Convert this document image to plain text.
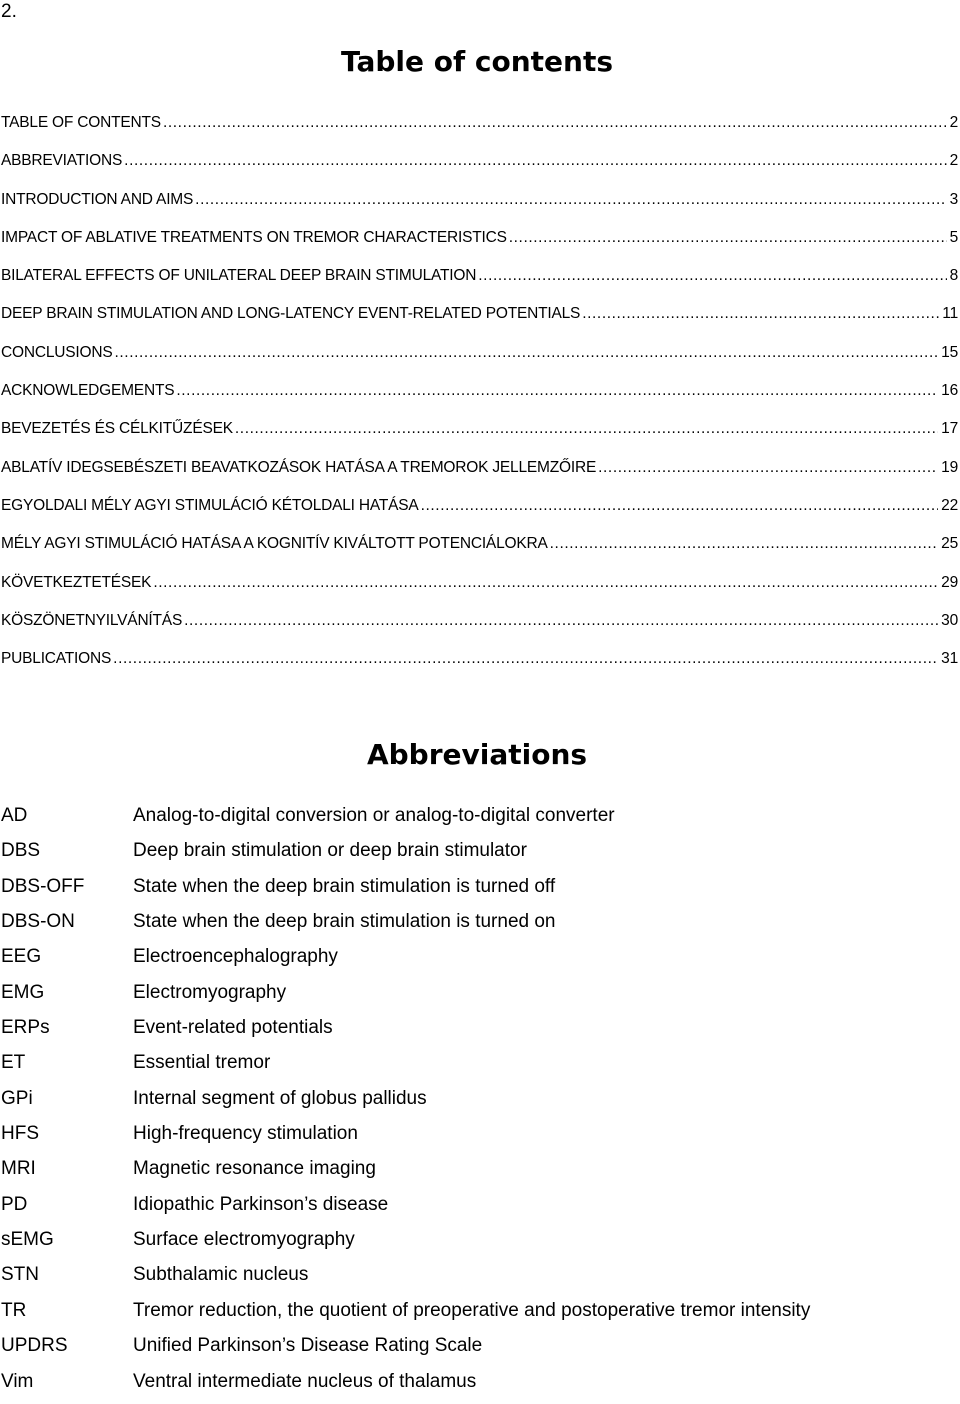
2.
Table of contents
TABLE OF CONTENTS .....	2
ABBREVIATIONS .....	2
INTRODUCTION AND AIMS .....	3
IMPACT OF ABLATIVE TREATMENTS ON TREMOR CHARACTERISTICS .....	5
BILATERAL EFFECTS OF UNILATERAL DEEP BRAIN STIMULATION .....	8
DEEP BRAIN STIMULATION AND LONG-LATENCY EVENT-RELATED POTENTIALS .....	11
CONCLUSIONS .....	15
ACKNOWLEDGEMENTS .....	16
BEVEZETÉS ÉS CÉLKITŰZÉSEK .....	17
ABLATÍV IDEGSEBÉSZETI BEAVATKOZÁSOK HATÁSA A TREMOROK JELLEMZŐIRE .....	19
EGYOLDALI MÉLY AGYI STIMULÁCIÓ KÉTOLDALI HATÁSA .....	22
MÉLY AGYI STIMULÁCIÓ HATÁSA A KOGNITÍV KIVÁLTOTT POTENCIÁLOKRA .....	25
KÖVETKEZTETÉSEK .....	29
KÖSZÖNETNYILVÁNÍTÁS .....	30
PUBLICATIONS .....	31
Abbreviations
AD	Analog-to-digital conversion or analog-to-digital converter
DBS	Deep brain stimulation or deep brain stimulator
DBS-OFF	State when the deep brain stimulation is turned off
DBS-ON	State when the deep brain stimulation is turned on
EEG	Electroencephalography
EMG	Electromyography
ERPs	Event-related potentials
ET	Essential tremor
GPi	Internal segment of globus pallidus
HFS	High-frequency stimulation
MRI	Magnetic resonance imaging
PD	Idiopathic Parkinson’s disease
sEMG	Surface electromyography
STN	Subthalamic nucleus
TR	Tremor reduction, the quotient of preoperative and postoperative tremor intensity
UPDRS	Unified Parkinson’s Disease Rating Scale
Vim	Ventral intermediate nucleus of thalamus
